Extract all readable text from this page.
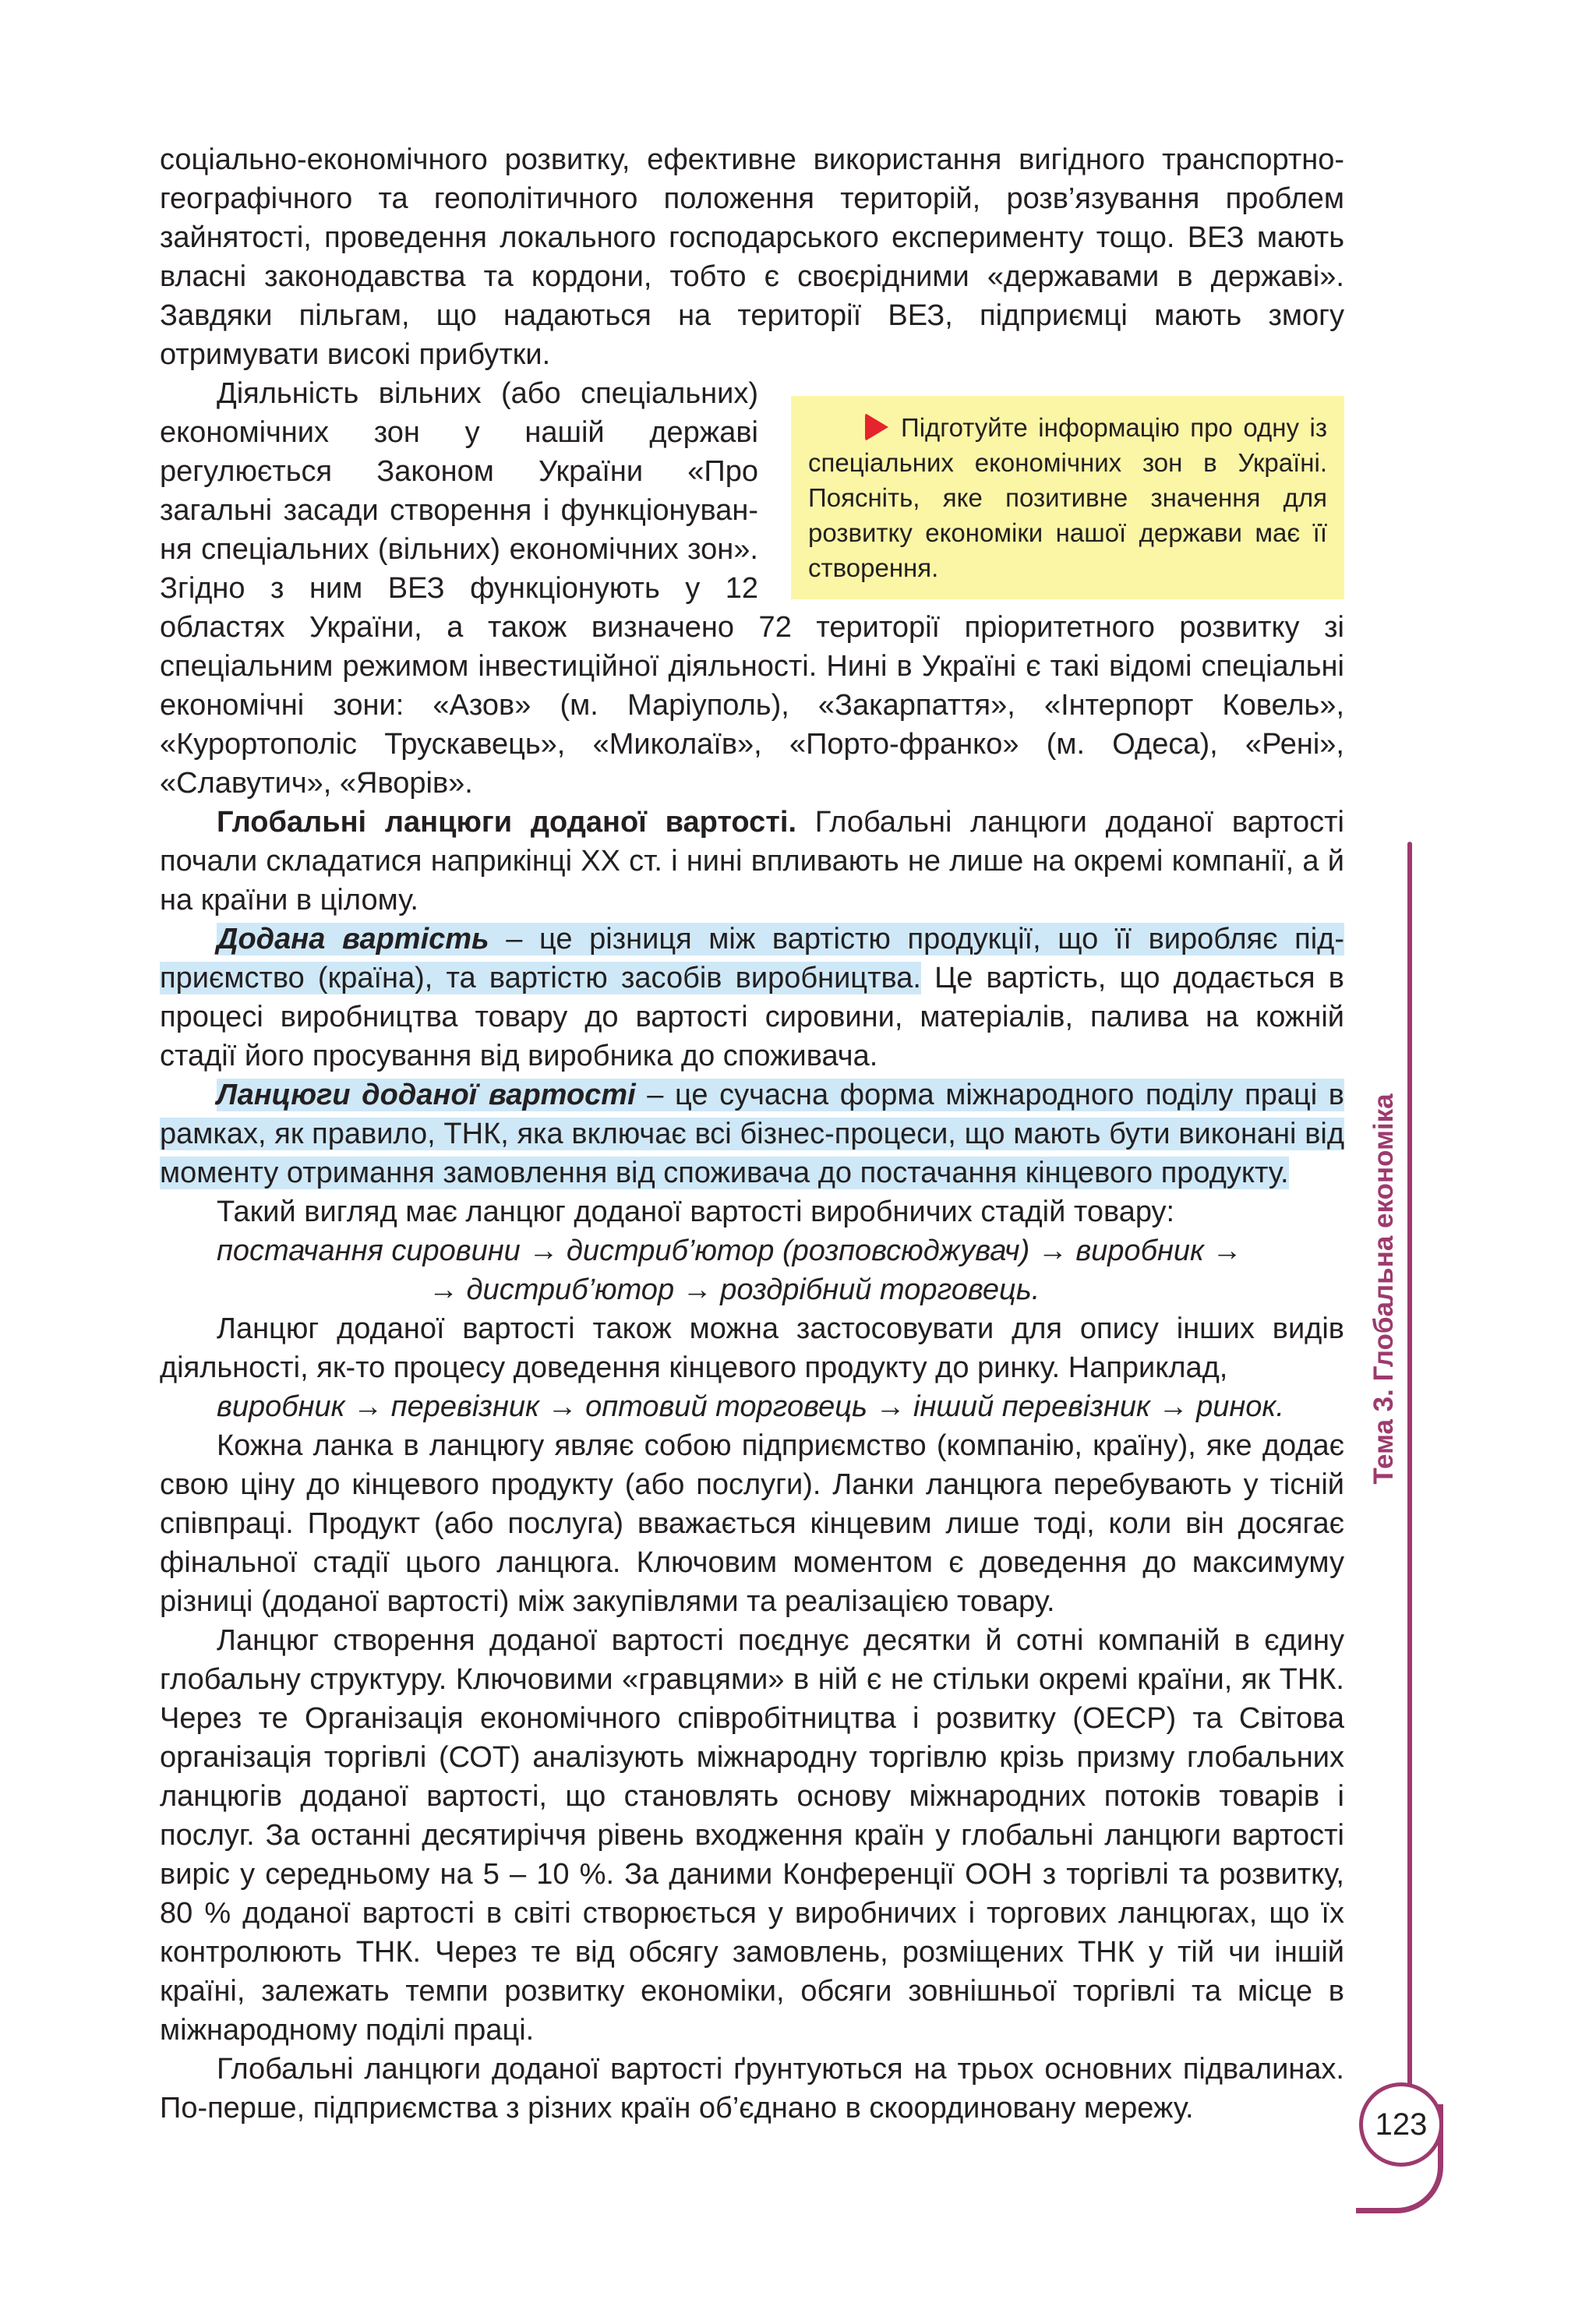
соціально-економічного розвитку, ефективне використання вигідного транспортно-географічного та геополітичного положення територій, розв’язування проблем зайнятості, проведення локального господарського експерименту тощо. ВЕЗ мають власні законодавства та кордони, тобто є своєрідними «державами в державі». Завдяки пільгам, що надаються на території ВЕЗ, підприємці мають змогу отримувати високі прибутки.

Підготуйте інформацію про одну із спеціальних економічних зон в Україні. Поясніть, яке позитивне значення для розвитку економіки нашої держави має її створення.
Діяльність вільних (або спеціальних) економічних зон у нашій державі регулюється Законом України «Про загальні засади створення і функціонування спеціальних (вільних) економічних зон». Згідно з ним ВЕЗ функціонують у 12 областях України, а також визначено 72 території пріоритетного розвитку зі спеціальним режимом інвестиційної діяльності. Нині в Україні є такі відомі спеціальні економічні зони: «Азов» (м. Маріуполь), «Закарпаття», «Інтерпорт Ковель», «Курортополіс Трускавець», «Миколаїв», «Порто-франко» (м. Одеса), «Рені», «Славутич», «Яворів».

Глобальні ланцюги доданої вартості. Глобальні ланцюги доданої вартості почали складатися наприкінці ХХ ст. і нині впливають не лише на окремі компанії, а й на країни в цілому.

Додана вартість – це різниця між вартістю продукції, що її виробляє підприємство (країна), та вартістю засобів виробництва. Це вартість, що додається в процесі виробництва товару до вартості сировини, матеріалів, палива на кожній стадії його просування від виробника до споживача.

Ланцюги доданої вартості – це сучасна форма міжнародного поділу праці в рамках, як правило, ТНК, яка включає всі бізнес-процеси, що мають бути виконані від моменту отримання замовлення від споживача до постачання кінцевого продукту.

Такий вигляд має ланцюг доданої вартості виробничих стадій товару:

постачання сировини → дистриб’ютор (розповсюджувач) → виробник →

→ дистриб’ютор → роздрібний торговець.

Ланцюг доданої вартості також можна застосовувати для опису інших видів діяльності, як-то процесу доведення кінцевого продукту до ринку. Наприклад,

виробник → перевізник → оптовий торговець → інший перевізник → ринок.

Кожна ланка в ланцюгу являє собою підприємство (компанію, країну), яке додає свою ціну до кінцевого продукту (або послуги). Ланки ланцюга перебувають у тісній співпраці. Продукт (або послуга) вважається кінцевим лише тоді, коли він досягає фінальної стадії цього ланцюга. Ключовим моментом є доведення до максимуму різниці (доданої вартості) між закупівлями та реалізацією товару.

Ланцюг створення доданої вартості поєднує десятки й сотні компаній в єдину глобальну структуру. Ключовими «гравцями» в ній є не стільки окремі країни, як ТНК. Через те Організація економічного співробітництва і розвитку (ОЕСР) та Світова організація торгівлі (СОТ) аналізують міжнародну торгівлю крізь призму глобальних ланцюгів доданої вартості, що становлять основу міжнародних потоків товарів і послуг. За останні десятиріччя рівень входження країн у глобальні ланцюги вартості виріс у середньому на 5 – 10 %. За даними Конференції ООН з торгівлі та розвитку, 80 % доданої вартості в світі створюється у виробничих і торгових ланцюгах, що їх контролюють ТНК. Через те від обсягу замовлень, розміщених ТНК у тій чи іншій країні, залежать темпи розвитку економіки, обсяги зовнішньої торгівлі та місце в міжнародному поділі праці.

Глобальні ланцюги доданої вартості ґрунтуються на трьох основних підвалинах. По-перше, підприємства з різних країн об’єднано в скоординовану мережу.

Тема 3. Глобальна економіка
123
